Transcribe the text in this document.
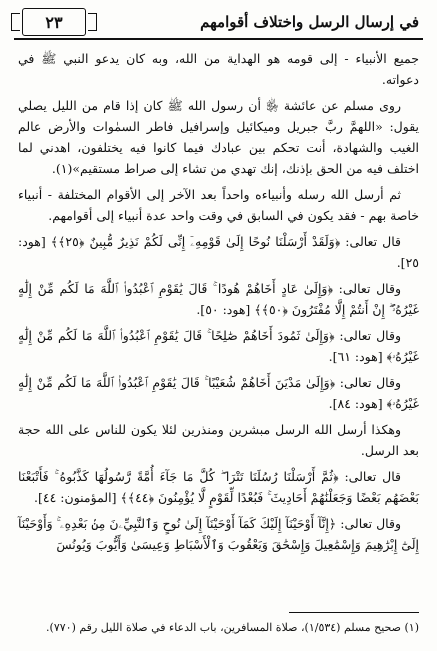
٢٣	في إرسال الرسل واختلاف أقوامهم

جميع الأنبياء - إلى قومه هو الهداية من الله، وبه كان يدعو النبي ﷺ في دعواته.

روى مسلم عن عائشة ﵂ أن رسول الله ﷺ كان إذا قام من الليل يصلي يقول: «اللهمَّ ربَّ جبريل وميكائيل وإسرافيل فاطر السمٰوات والأرض عالم الغيب والشهادة، أنت تحكم بين عبادك فيما كانوا فيه يختلفون، اهدني لما اختلف فيه من الحق بإذنك، إنك تهدي من تشاء إلى صراط مستقيم»(١).

ثم أرسل الله رسله وأنبياءه واحداً بعد الآخر إلى الأقوام المختلفة - أنبياء خاصة بهم - فقد يكون في السابق في وقت واحد عدة أنبياء إلى أقوامهم.

قال تعالى: ﴿وَلَقَدْ أَرْسَلْنَا نُوحًا إِلَىٰ قَوْمِهِۦٓ إِنِّى لَكُمْ نَذِيرٌ مُّبِينٌ ﴿٢٥﴾﴾ [هود: ٢٥].

وقال تعالى: ﴿وَإِلَىٰ عَادٍ أَخَاهُمْ هُودًا ۚ قَالَ يَٰقَوْمِ ٱعْبُدُوا۟ ٱللَّهَ مَا لَكُم مِّنْ إِلَٰهٍ غَيْرُهُۥٓ ۖ إِنْ أَنتُمْ إِلَّا مُفْتَرُونَ ﴿٥٠﴾﴾ [هود: ٥٠].

وقال تعالى: ﴿وَإِلَىٰ ثَمُودَ أَخَاهُمْ صَٰلِحًا ۚ قَالَ يَٰقَوْمِ ٱعْبُدُوا۟ ٱللَّهَ مَا لَكُم مِّنْ إِلَٰهٍ غَيْرُهُۥ﴾ [هود: ٦١].

وقال تعالى: ﴿وَإِلَىٰ مَدْيَنَ أَخَاهُمْ شُعَيْبًا ۚ قَالَ يَٰقَوْمِ ٱعْبُدُوا۟ ٱللَّهَ مَا لَكُم مِّنْ إِلَٰهٍ غَيْرُهُۥ﴾ [هود: ٨٤].

وهكذا أرسل الله الرسل مبشرين ومنذرين لئلا يكون للناس على الله حجة بعد الرسل.

قال تعالى: ﴿ثُمَّ أَرْسَلْنَا رُسُلَنَا تَتْرَا ۖ كُلَّ مَا جَآءَ أُمَّةً رَّسُولُهَا كَذَّبُوهُ ۚ فَأَتْبَعْنَا بَعْضَهُم بَعْضًا وَجَعَلْنَٰهُمْ أَحَادِيثَ ۚ فَبُعْدًا لِّقَوْمٍ لَّا يُؤْمِنُونَ ﴿٤٤﴾﴾ [المؤمنون: ٤٤].

وقال تعالى: ﴿إِنَّآ أَوْحَيْنَآ إِلَيْكَ كَمَآ أَوْحَيْنَآ إِلَىٰ نُوحٍ وَٱلنَّبِيِّۦنَ مِنۢ بَعْدِهِۦ ۚ وَأَوْحَيْنَآ إِلَىٰٓ إِبْرَٰهِيمَ وَإِسْمَٰعِيلَ وَإِسْحَٰقَ وَيَعْقُوبَ وَٱلْأَسْبَاطِ وَعِيسَىٰ وَأَيُّوبَ وَيُونُسَ

(١) صحيح مسلم (١/٥٣٤)، صلاة المسافرين، باب الدعاء في صلاة الليل رقم (٧٧٠).
